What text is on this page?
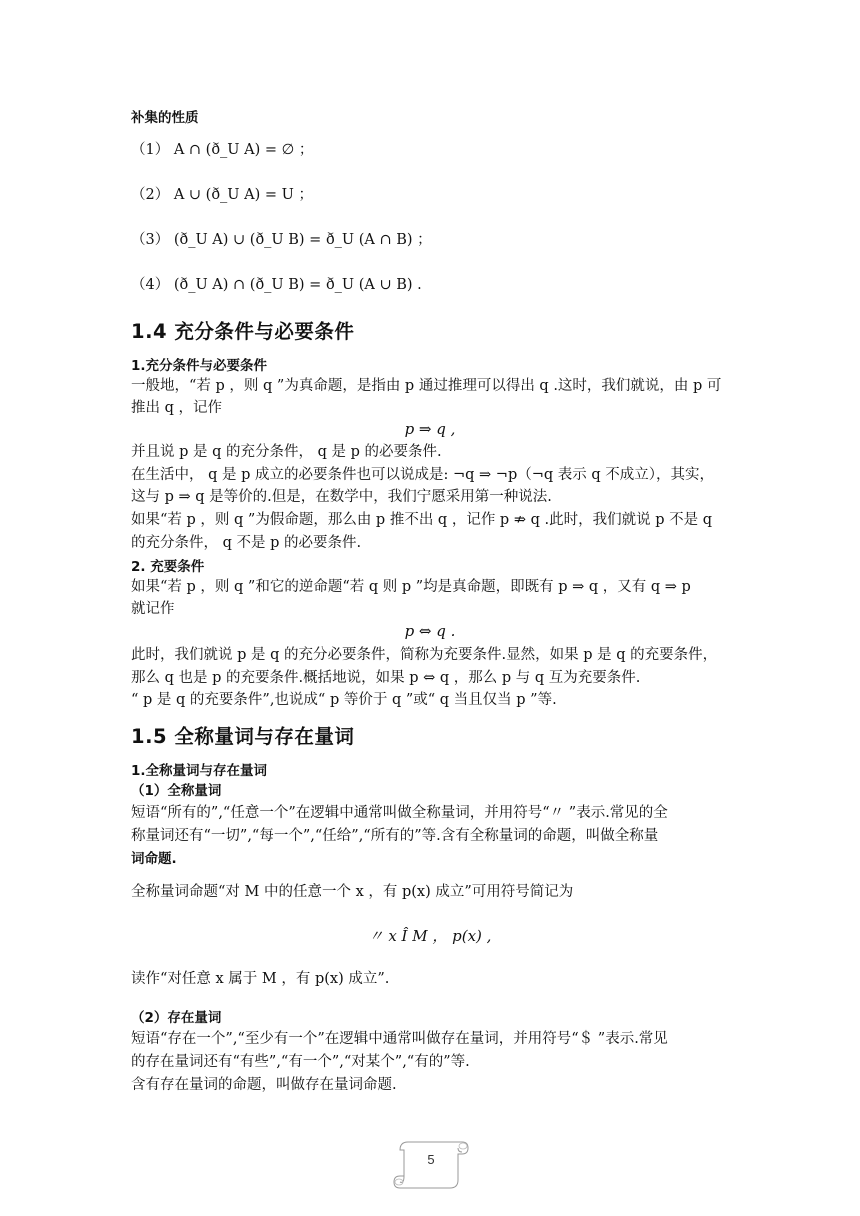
补集的性质
（1） A ∩ (ð_U A) = ∅ ；
（2） A ∪ (ð_U A) = U ；
（3） (ð_U A) ∪ (ð_U B) = ð_U (A ∩ B) ；
（4） (ð_U A) ∩ (ð_U B) = ð_U (A ∪ B) .
1.4 充分条件与必要条件
1.充分条件与必要条件
一般地，“若 p ，则 q ”为真命题，是指由 p 通过推理可以得出 q .这时，我们就说，由 p 可
推出 q ，记作
并且说 p 是 q 的充分条件， q 是 p 的必要条件.
在生活中， q 是 p 成立的必要条件也可以说成是: ¬q ⇒ ¬p（¬q 表示 q 不成立），其实，
这与 p ⇒ q 是等价的.但是，在数学中，我们宁愿采用第一种说法.
如果“若 p ，则 q ”为假命题，那么由 p 推不出 q ，记作 p ⇏ q .此时，我们就说 p 不是 q
的充分条件， q 不是 p 的必要条件.
2. 充要条件
如果“若 p ，则 q ”和它的逆命题“若 q 则 p ”均是真命题，即既有 p ⇒ q ，又有 q ⇒ p
就记作
此时，我们就说 p 是 q 的充分必要条件，简称为充要条件.显然，如果 p 是 q 的充要条件，
那么 q 也是 p 的充要条件.概括地说，如果 p ⇔ q ，那么 p 与 q 互为充要条件.
“ p 是 q 的充要条件”,也说成“ p 等价于 q ”或“ q 当且仅当 p ”等.
1.5 全称量词与存在量词
1.全称量词与存在量词
（1）全称量词
短语“所有的”,“任意一个”在逻辑中通常叫做全称量词，并用符号“〃 ”表示.常见的全
称量词还有“一切”,“每一个”,“任给”,“所有的”等.含有全称量词的命题，叫做全称量
词命题.
全称量词命题“对 M 中的任意一个 x ，有 p(x) 成立”可用符号简记为
读作“对任意 x 属于 M ，有 p(x) 成立”.
（2）存在量词
短语“存在一个”,“至少有一个”在逻辑中通常叫做存在量词，并用符号“＄ ”表示.常见
的存在量词还有“有些”,“有一个”,“对某个”,“有的”等.
含有存在量词的命题，叫做存在量词命题.
p ⇒ q ,
p ⇔ q .
〃 x Î M ， p(x) ,
5
